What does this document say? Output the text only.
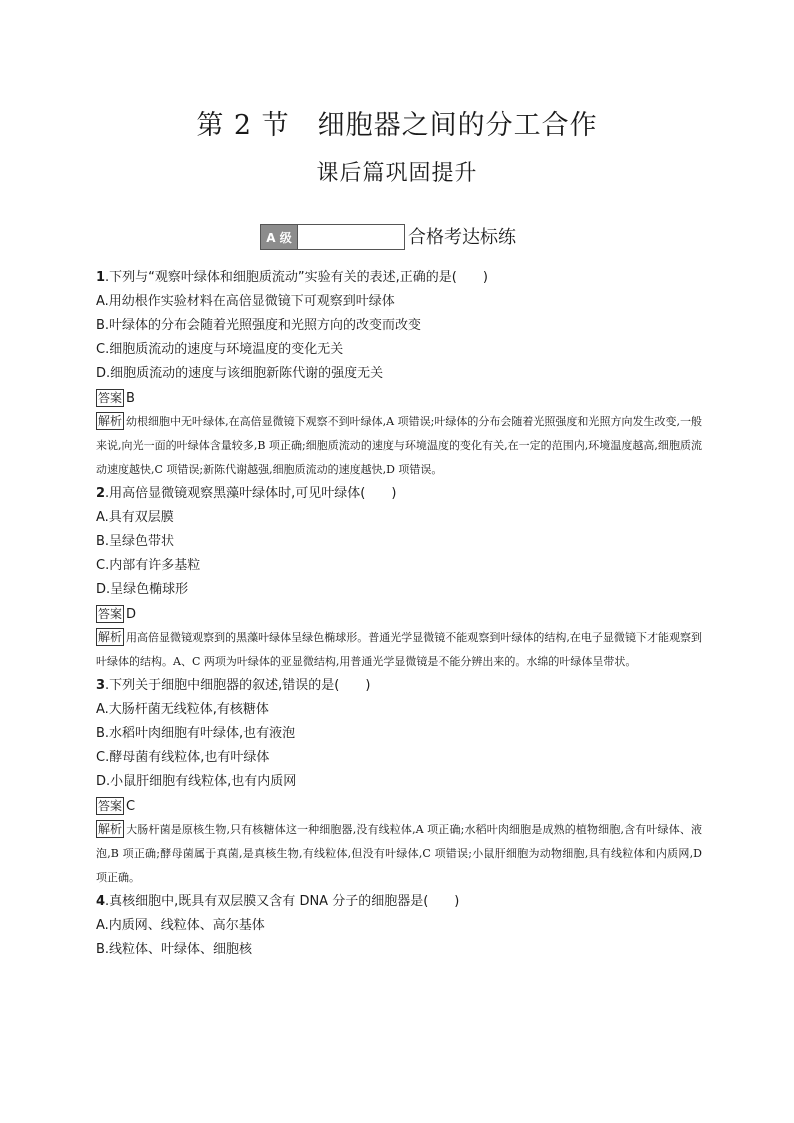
第 2 节　细胞器之间的分工合作
课后篇巩固提升
A 级	合格考达标练
1.下列与“观察叶绿体和细胞质流动”实验有关的表述,正确的是(　　)
A.用幼根作实验材料在高倍显微镜下可观察到叶绿体
B.叶绿体的分布会随着光照强度和光照方向的改变而改变
C.细胞质流动的速度与环境温度的变化无关
D.细胞质流动的速度与该细胞新陈代谢的强度无关
答案 B
解析 幼根细胞中无叶绿体,在高倍显微镜下观察不到叶绿体,A 项错误;叶绿体的分布会随着光照强度和光照方向发生改变,一般来说,向光一面的叶绿体含量较多,B 项正确;细胞质流动的速度与环境温度的变化有关,在一定的范围内,环境温度越高,细胞质流动速度越快,C 项错误;新陈代谢越强,细胞质流动的速度越快,D 项错误。
2.用高倍显微镜观察黑藻叶绿体时,可见叶绿体(　　)
A.具有双层膜
B.呈绿色带状
C.内部有许多基粒
D.呈绿色椭球形
答案 D
解析 用高倍显微镜观察到的黑藻叶绿体呈绿色椭球形。普通光学显微镜不能观察到叶绿体的结构,在电子显微镜下才能观察到叶绿体的结构。A、C 两项为叶绿体的亚显微结构,用普通光学显微镜是不能分辨出来的。水绵的叶绿体呈带状。
3.下列关于细胞中细胞器的叙述,错误的是(　　)
A.大肠杆菌无线粒体,有核糖体
B.水稻叶肉细胞有叶绿体,也有液泡
C.酵母菌有线粒体,也有叶绿体
D.小鼠肝细胞有线粒体,也有内质网
答案 C
解析 大肠杆菌是原核生物,只有核糖体这一种细胞器,没有线粒体,A 项正确;水稻叶肉细胞是成熟的植物细胞,含有叶绿体、液泡,B 项正确;酵母菌属于真菌,是真核生物,有线粒体,但没有叶绿体,C 项错误;小鼠肝细胞为动物细胞,具有线粒体和内质网,D 项正确。
4.真核细胞中,既具有双层膜又含有 DNA 分子的细胞器是(　　)
A.内质网、线粒体、高尔基体
B.线粒体、叶绿体、细胞核
